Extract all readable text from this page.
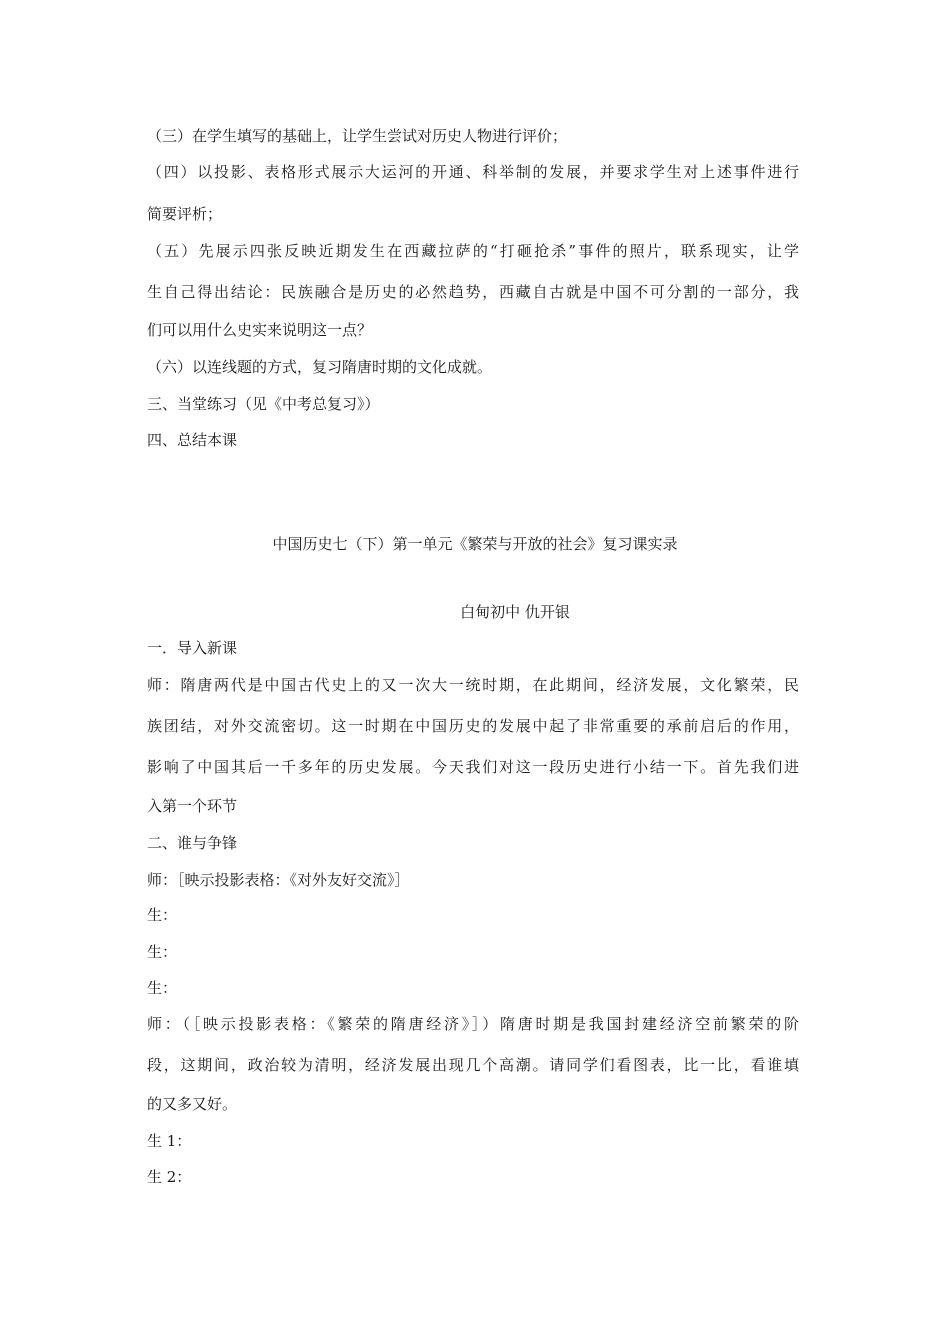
（三）在学生填写的基础上，让学生尝试对历史人物进行评价；

（四）以投影、表格形式展示大运河的开通、科举制的发展，并要求学生对上述事件进行

简要评析；

（五）先展示四张反映近期发生在西藏拉萨的“打砸抢杀”事件的照片，联系现实，让学

生自己得出结论：民族融合是历史的必然趋势，西藏自古就是中国不可分割的一部分，我

们可以用什么史实来说明这一点？

（六）以连线题的方式，复习隋唐时期的文化成就。

三、当堂练习（见《中考总复习》）

四、总结本课

中国历史七（下）第一单元《繁荣与开放的社会》复习课实录

白甸初中 仇开银

一．导入新课

师：隋唐两代是中国古代史上的又一次大一统时期，在此期间，经济发展，文化繁荣，民

族团结，对外交流密切。这一时期在中国历史的发展中起了非常重要的承前启后的作用，

影响了中国其后一千多年的历史发展。今天我们对这一段历史进行小结一下。首先我们进

入第一个环节

二、谁与争锋

师：［映示投影表格：《对外友好交流》］

生：

生：

生：

师：（［映示投影表格：《繁荣的隋唐经济》］）隋唐时期是我国封建经济空前繁荣的阶

段，这期间，政治较为清明，经济发展出现几个高潮。请同学们看图表，比一比，看谁填

的又多又好。

生 1：

生 2：
